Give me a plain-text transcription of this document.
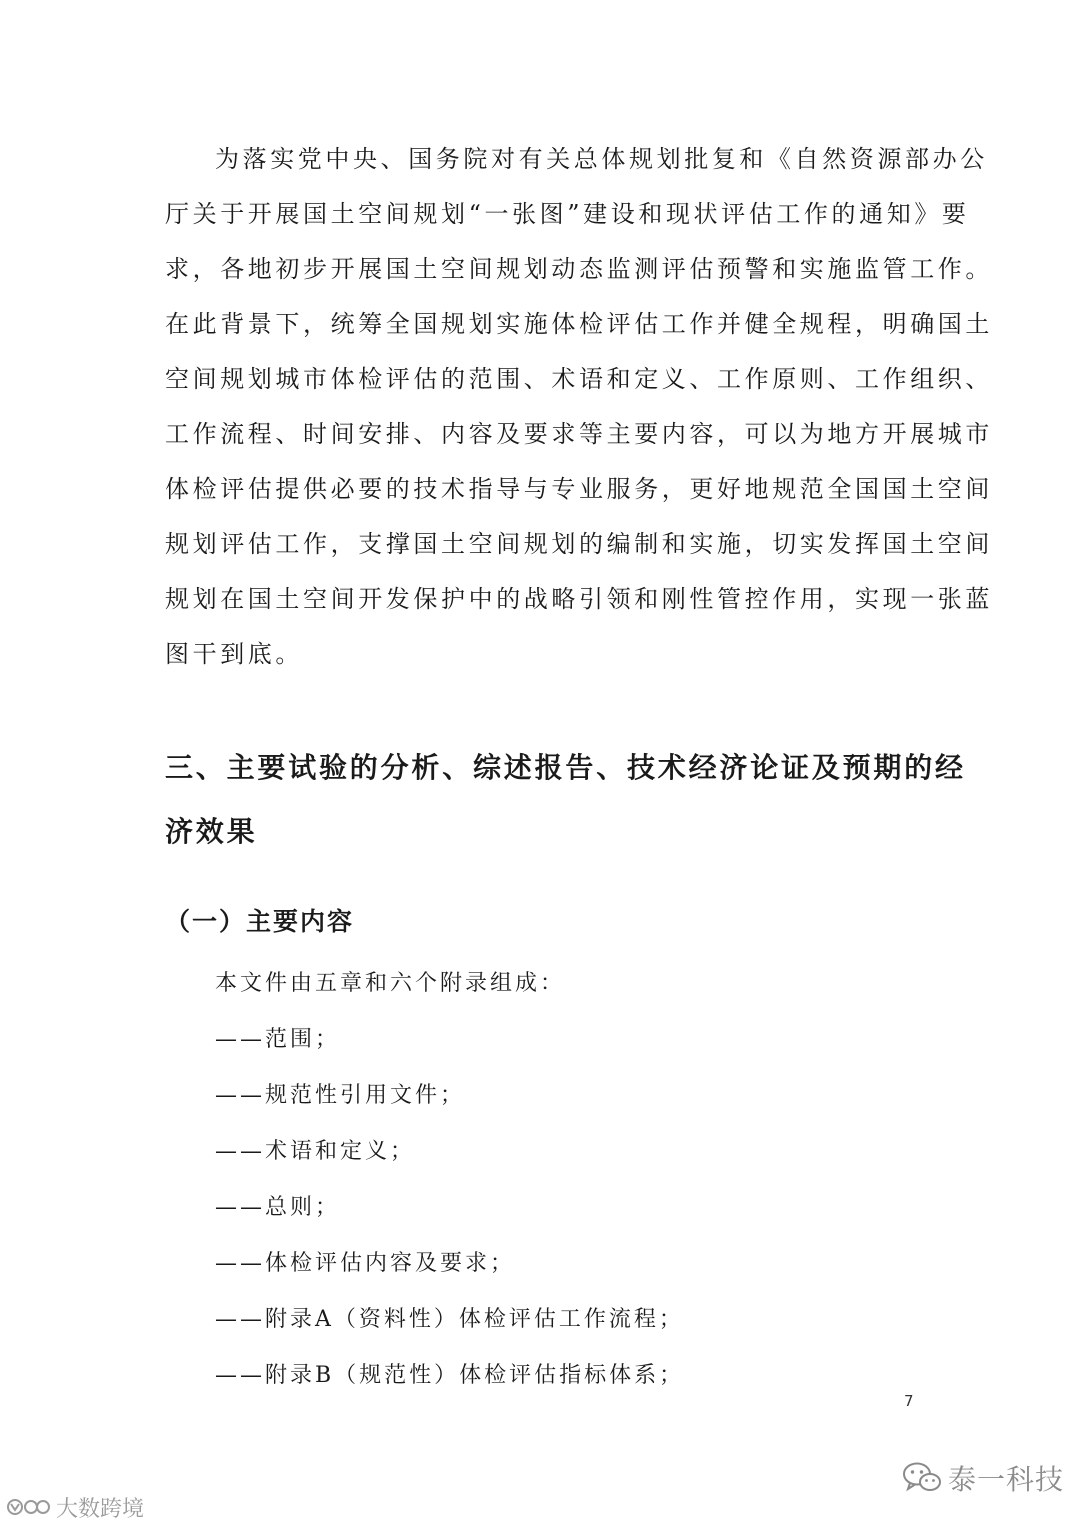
为落实党中央、国务院对有关总体规划批复和《自然资源部办公
厅关于开展国土空间规划“一张图”建设和现状评估工作的通知》要
求，各地初步开展国土空间规划动态监测评估预警和实施监管工作。
在此背景下，统筹全国规划实施体检评估工作并健全规程，明确国土
空间规划城市体检评估的范围、术语和定义、工作原则、工作组织、
工作流程、时间安排、内容及要求等主要内容，可以为地方开展城市
体检评估提供必要的技术指导与专业服务，更好地规范全国国土空间
规划评估工作，支撑国土空间规划的编制和实施，切实发挥国土空间
规划在国土空间开发保护中的战略引领和刚性管控作用，实现一张蓝
图干到底。
三、主要试验的分析、综述报告、技术经济论证及预期的经
济效果
（一）主要内容
本文件由五章和六个附录组成：
——范围；
——规范性引用文件；
——术语和定义；
——总则；
——体检评估内容及要求；
——附录A（资料性）体检评估工作流程；
——附录B（规范性）体检评估指标体系；
7
泰一科技
大数跨境
